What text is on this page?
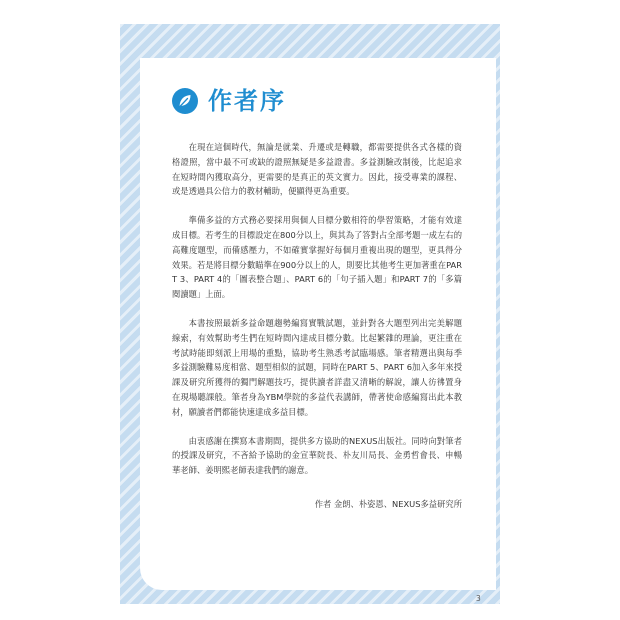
作者序

在現在這個時代，無論是就業、升遷或是轉職，都需要提供各式各樣的資格證照，當中最不可或缺的證照無疑是多益證書。多益測驗改制後，比起追求在短時間內獲取高分，更需要的是真正的英文實力。因此，接受專業的課程、或是透過具公信力的教材輔助，便顯得更為重要。

準備多益的方式務必要採用與個人目標分數相符的學習策略，才能有效達成目標。若考生的目標設定在800分以上，與其為了答對占全部考題一成左右的高難度題型，而備感壓力，不如確實掌握好每個月重複出現的題型，更具得分效果。若是將目標分數瞄準在900分以上的人，則要比其他考生更加著重在PART 3、PART 4的「圖表整合題」、PART 6的「句子插入題」和PART 7的「多篇閱讀題」上面。

本書按照最新多益命題趨勢編寫實戰試題，並針對各大題型列出完美解題線索，有效幫助考生們在短時間內達成目標分數。比起繁雜的理論，更注重在考試時能即刻派上用場的重點，協助考生熟悉考試臨場感。筆者精選出與每季多益測驗難易度相當、題型相似的試題，同時在PART 5、PART 6加入多年來授課及研究所獲得的獨門解題技巧，提供讀者詳盡又清晰的解說，讓人彷彿置身在現場聽課般。筆者身為YBM學院的多益代表講師，帶著使命感編寫出此本教材，願讀者們都能快速達成多益目標。

由衷感謝在撰寫本書期間，提供多方協助的NEXUS出版社。同時向對筆者的授課及研究，不吝給予協助的金宣華院長、朴友川局長、金勇哲會長、申暢華老師、姜明熙老師表達我們的謝意。

作者 金朗、朴姿恩、NEXUS多益研究所
3
